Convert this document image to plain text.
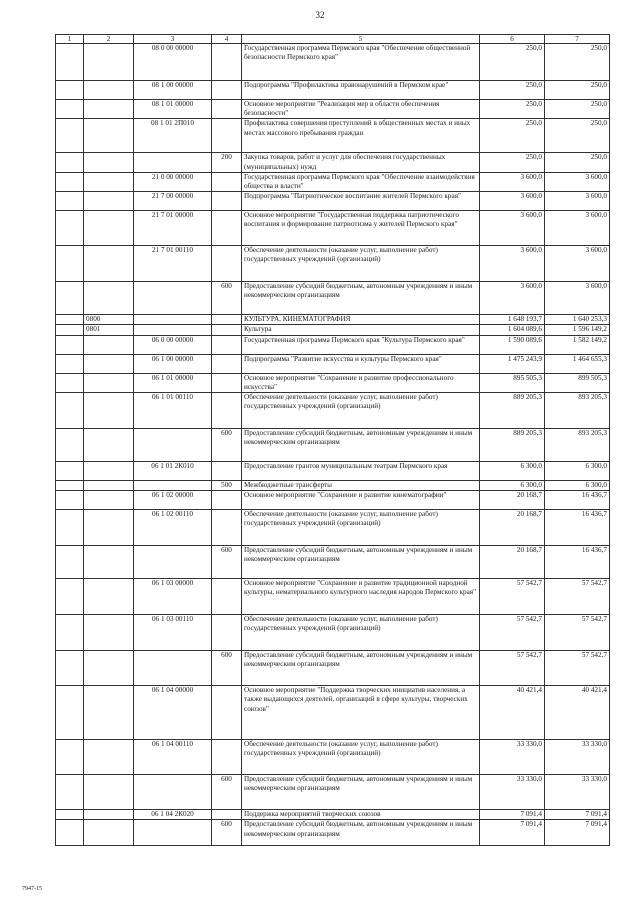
32
1	2	3	4	5	6	7
		08 0 00 00000		Государственная программа Пермского края "Обеспечение общественной безопасности Пермского края"	250,0	250,0
		08 1 00 00000		Подпрограмма "Профилактика правонарушений в Пермском крае"	250,0	250,0
		08 1 01 00000		Основное мероприятие "Реализация мер в области обеспечения безопасности"	250,0	250,0
		08 1 01 2П010		Профилактика совершения преступлений в общественных местах и иных местах массового пребывания граждан	250,0	250,0
			200	Закупка товаров, работ и услуг для обеспечения государственных (муниципальных) нужд	250,0	250,0
		21 0 00 00000		Государственная программа Пермского края "Обеспечение взаимодействия общества и власти"	3 600,0	3 600,0
		21 7 00 00000		Подпрограмма "Патриотическое воспитание жителей Пермского края"	3 600,0	3 600,0
		21 7 01 00000		Основное мероприятие "Государственная поддержка патриотического воспитания и формирование патриотизма у жителей Пермского края"	3 600,0	3 600,0
		21 7 01 00110		Обеспечение деятельности (оказание услуг, выполнение работ) государственных учреждений (организаций)	3 600,0	3 600,0
			600	Предоставление субсидий бюджетным, автономным учреждениям и иным некоммерческим организациям	3 600,0	3 600,0
	0800			КУЛЬТУРА, КИНЕМАТОГРАФИЯ	1 648 193,7	1 640 253,3
	0801			Культура	1 604 089,6	1 596 149,2
		06 0 00 00000		Государственная программа Пермского края "Культура Пермского края"	1 590 089,6	1 582 149,2
		06 1 00 00000		Подпрограмма "Развитие искусства и культуры Пермского края"	1 475 243,9	1 464 655,3
		06 1 01 00000		Основное мероприятие "Сохранение и развитие профессионального искусства"	895 505,3	899 505,3
		06 1 01 00110		Обеспечение деятельности (оказание услуг, выполнение работ) государственных учреждений (организаций)	889 205,3	893 205,3
			600	Предоставление субсидий бюджетным, автономным учреждениям и иным некоммерческим организациям	889 205,3	893 205,3
		06 1 01 2К010		Предоставление грантов муниципальным театрам Пермского края	6 300,0	6 300,0
			500	Межбюджетные трансферты	6 300,0	6 300,0
		06 1 02 00000		Основное мероприятие "Сохранение и развитие кинематографии"	20 168,7	16 436,7
		06 1 02 00110		Обеспечение деятельности (оказание услуг, выполнение работ) государственных учреждений (организаций)	20 168,7	16 436,7
			600	Предоставление субсидий бюджетным, автономным учреждениям и иным некоммерческим организациям	20 168,7	16 436,7
		06 1 03 00000		Основное мероприятие "Сохранение и развитие традиционной народной культуры, нематериального культурного наследия народов Пермского края"	57 542,7	57 542,7
		06 1 03 00110		Обеспечение деятельности (оказание услуг, выполнение работ) государственных учреждений (организаций)	57 542,7	57 542,7
			600	Предоставление субсидий бюджетным, автономным учреждениям и иным некоммерческим организациям	57 542,7	57 542,7
		06 1 04 00000		Основное мероприятие "Поддержка творческих инициатив населения, а также выдающихся деятелей, организаций в сфере культуры, творческих союзов"	40 421,4	40 421,4
		06 1 04 00110		Обеспечение деятельности (оказание услуг, выполнение работ) государственных учреждений (организаций)	33 330,0	33 330,0
			600	Предоставление субсидий бюджетным, автономным учреждениям и иным некоммерческим организациям	33 330,0	33 330,0
		06 1 04 2К020		Поддержка мероприятий творческих союзов	7 091,4	7 091,4
			600	Предоставление субсидий бюджетным, автономным учреждениям и иным некоммерческим организациям	7 091,4	7 091,4
7947-15
